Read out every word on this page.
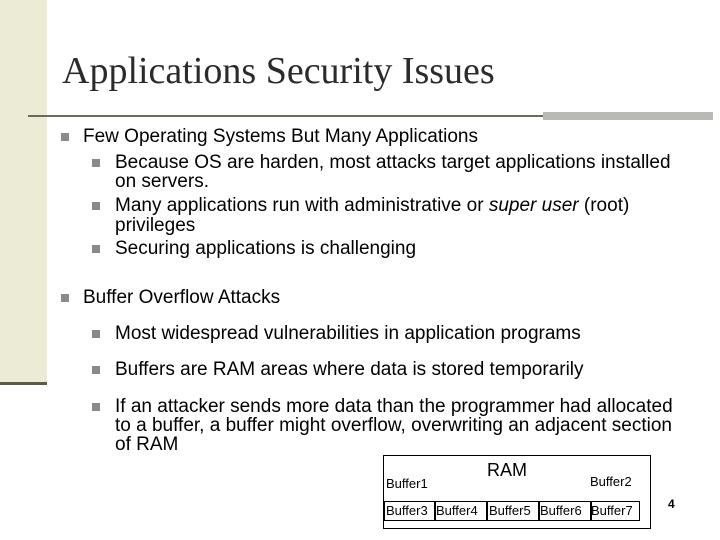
Applications Security Issues
Few Operating Systems But Many Applications
Because OS are harden, most attacks target applications installed
on servers.
Many applications run with administrative or super user (root)
privileges
Securing applications is challenging
Buffer Overflow Attacks
Most widespread vulnerabilities in application programs
Buffers are RAM areas where data is stored temporarily
If an attacker sends more data than the programmer had allocated
to a buffer, a buffer might overflow, overwriting an adjacent section
of RAM
RAM
Buffer1	Buffer2
Buffer3 Buffer4 Buffer5 Buffer6 Buffer7	4
